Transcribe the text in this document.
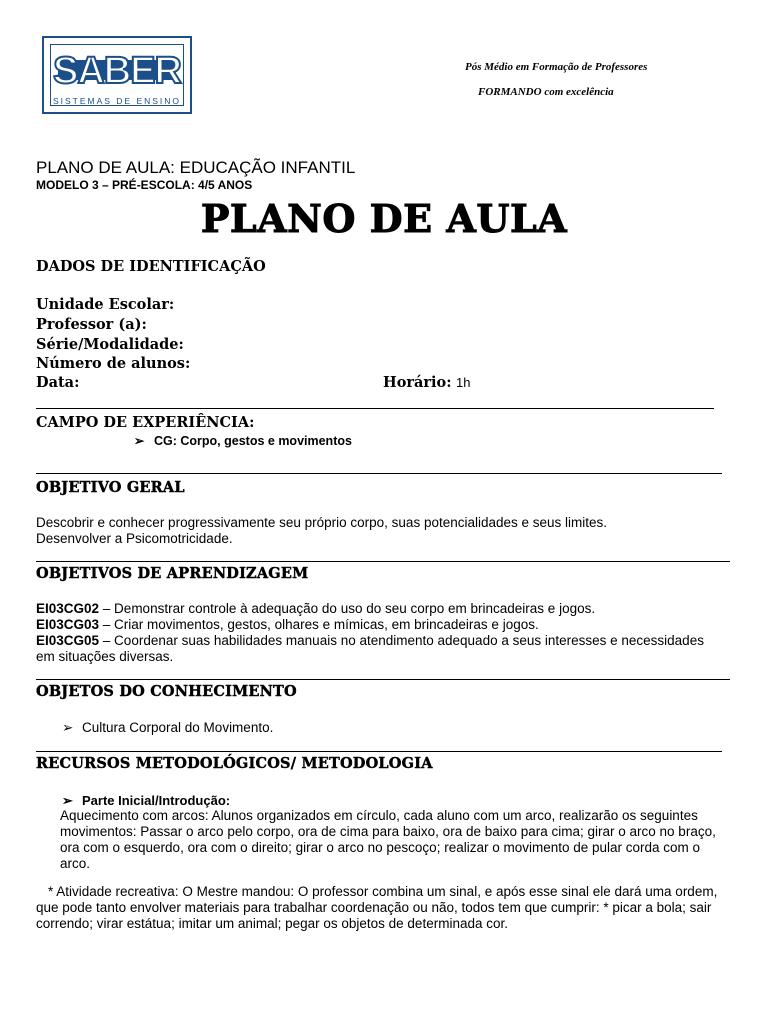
SABER
SISTEMAS DE ENSINO
Pós Médio em Formação de Professores
FORMANDO com excelência
PLANO DE AULA: EDUCAÇÃO INFANTIL
MODELO 3 – PRÉ-ESCOLA: 4/5 ANOS
PLANO DE AULA
DADOS DE IDENTIFICAÇÃO
Unidade Escolar:
Professor (a):
Série/Modalidade:
Número de alunos:
Data:	Horário: 1h
CAMPO DE EXPERIÊNCIA:
➢ CG: Corpo, gestos e movimentos
OBJETIVO GERAL
Descobrir e conhecer progressivamente seu próprio corpo, suas potencialidades e seus limites.
Desenvolver a Psicomotricidade.
OBJETIVOS DE APRENDIZAGEM
EI03CG02 – Demonstrar controle à adequação do uso do seu corpo em brincadeiras e jogos.
EI03CG03 – Criar movimentos, gestos, olhares e mímicas, em brincadeiras e jogos.
EI03CG05 – Coordenar suas habilidades manuais no atendimento adequado a seus interesses e necessidades
em situações diversas.
OBJETOS DO CONHECIMENTO
➢ Cultura Corporal do Movimento.
RECURSOS METODOLÓGICOS/ METODOLOGIA
➢ Parte Inicial/Introdução:

Aquecimento com arcos: Alunos organizados em círculo, cada aluno com um arco, realizarão os seguintes

movimentos: Passar o arco pelo corpo, ora de cima para baixo, ora de baixo para cima; girar o arco no braço,

ora com o esquerdo, ora com o direito; girar o arco no pescoço; realizar o movimento de pular corda com o

arco.

* Atividade recreativa: O Mestre mandou: O professor combina um sinal, e após esse sinal ele dará uma ordem,

que pode tanto envolver materiais para trabalhar coordenação ou não, todos tem que cumprir: * picar a bola; sair

correndo; virar estátua; imitar um animal; pegar os objetos de determinada cor.
